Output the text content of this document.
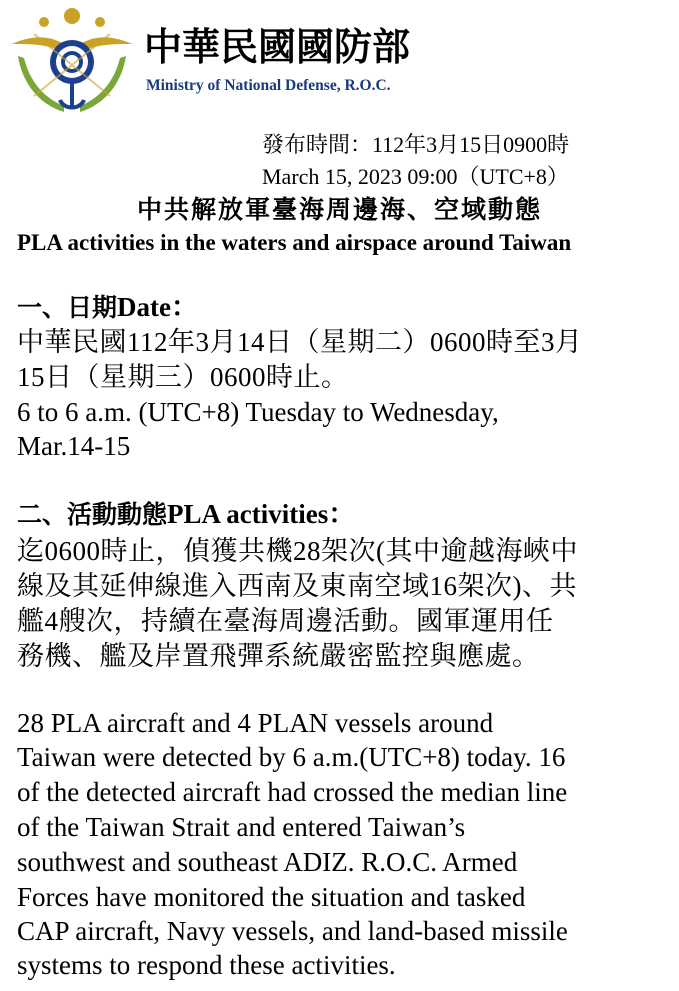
中華民國國防部
Ministry of National Defense, R.O.C.
發布時間：112年3月15日0900時
March 15, 2023 09:00（UTC+8）
中共解放軍臺海周邊海、空域動態
PLA activities in the waters and airspace around Taiwan
一、日期Date：
中華民國112年3月14日（星期二）0600時至3月
15日（星期三）0600時止。
6 to 6 a.m. (UTC+8) Tuesday to Wednesday,
Mar.14-15
二、活動動態PLA activities：
迄0600時止，偵獲共機28架次(其中逾越海峽中
線及其延伸線進入西南及東南空域16架次)、共
艦4艘次，持續在臺海周邊活動。國軍運用任
務機、艦及岸置飛彈系統嚴密監控與應處。
28 PLA aircraft and 4 PLAN vessels around
Taiwan were detected by 6 a.m.(UTC+8) today. 16
of the detected aircraft had crossed the median line
of the Taiwan Strait and entered Taiwan’s
southwest and southeast ADIZ. R.O.C. Armed
Forces have monitored the situation and tasked
CAP aircraft, Navy vessels, and land-based missile
systems to respond these activities.
